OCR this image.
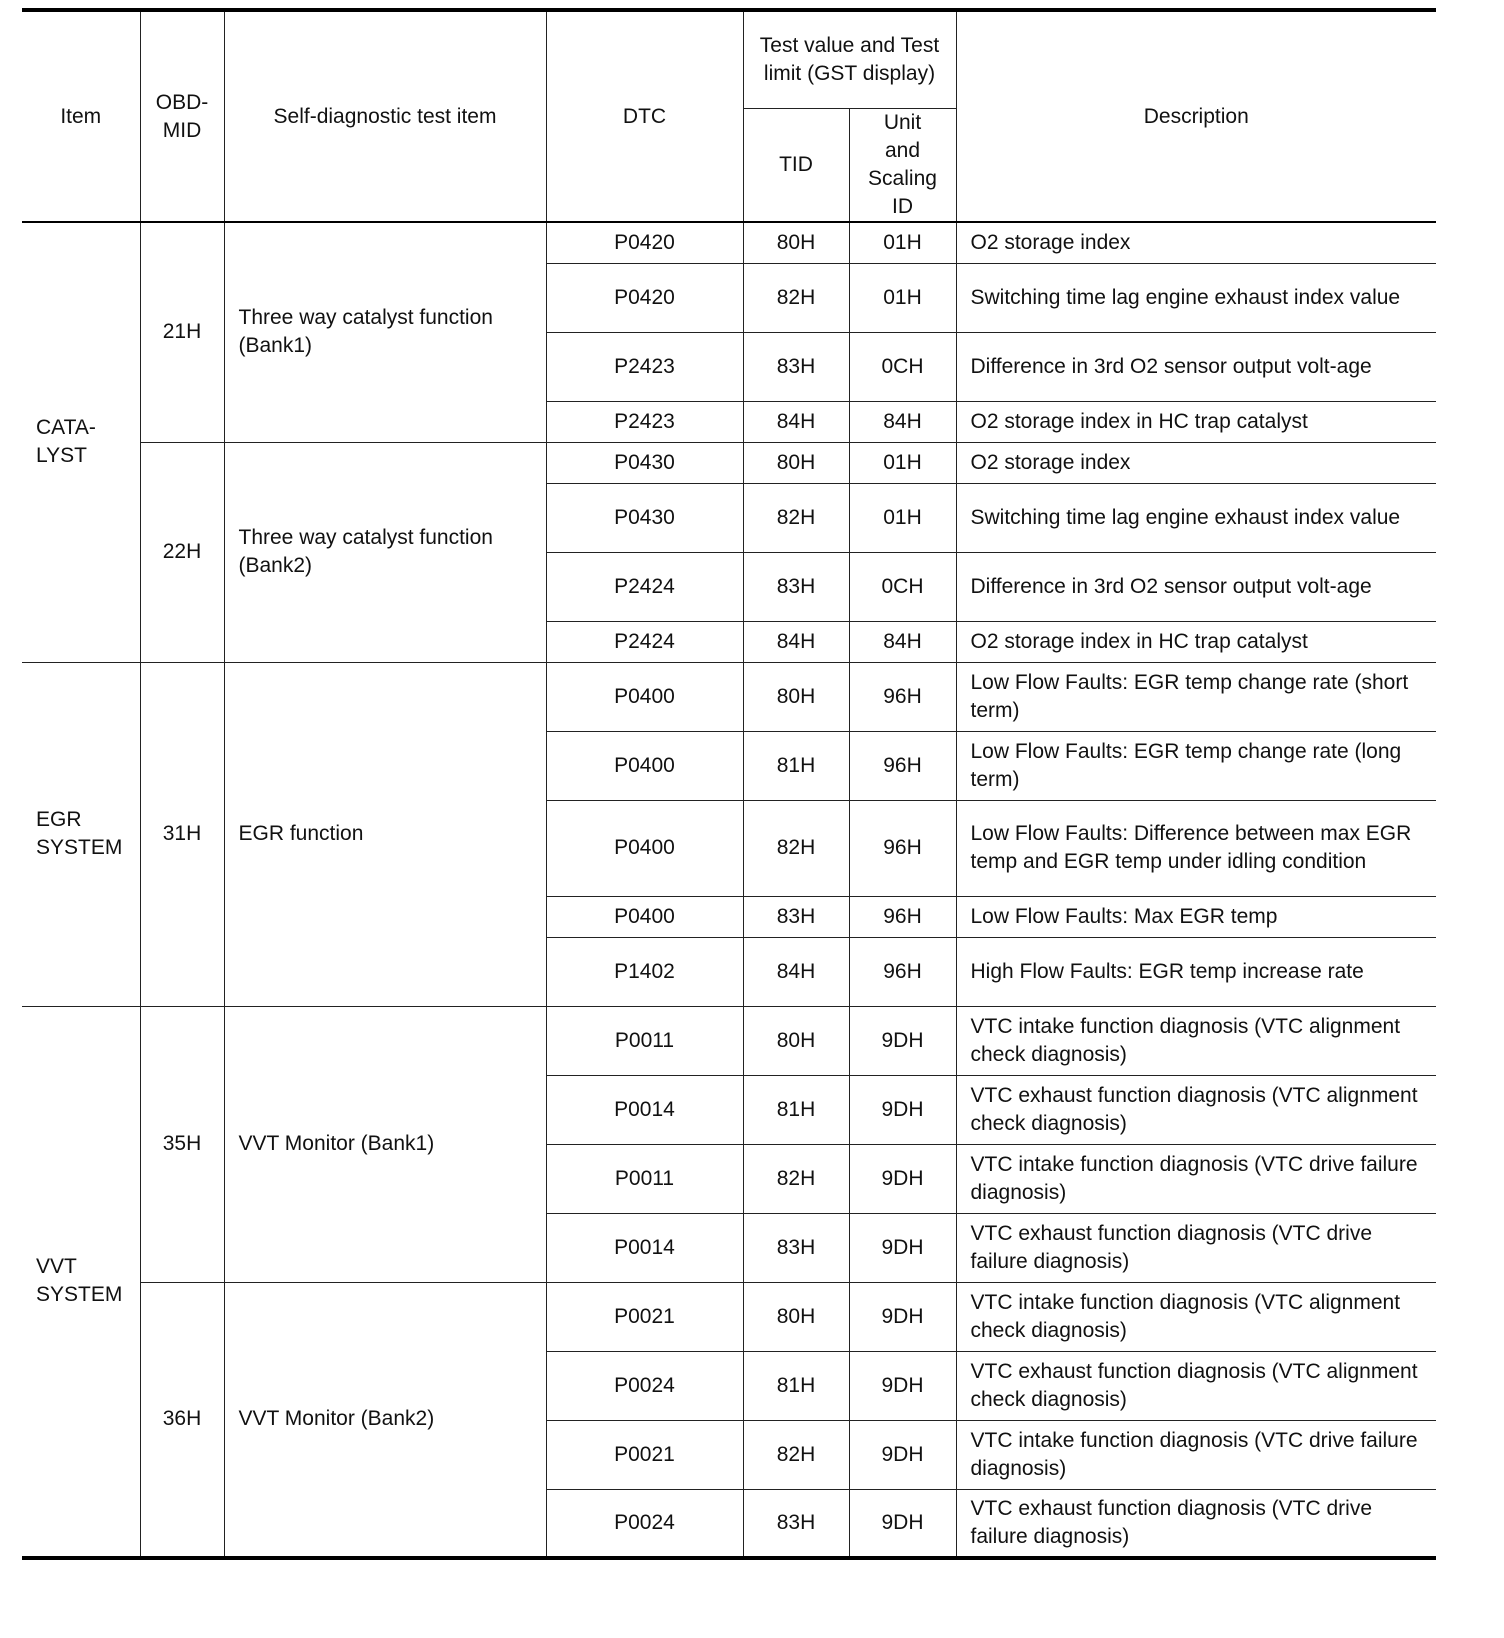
Item	OBD-MID	Self-diagnostic test item	DTC	Test value and Test limit (GST display)		Description
				TID	Unit and Scaling ID	
CATA-LYST	21H	Three way catalyst function (Bank1)	P0420	80H	01H	O2 storage index
			P0420	82H	01H	Switching time lag engine exhaust index value
			P2423	83H	0CH	Difference in 3rd O2 sensor output volt-age
			P2423	84H	84H	O2 storage index in HC trap catalyst
	22H	Three way catalyst function (Bank2)	P0430	80H	01H	O2 storage index
			P0430	82H	01H	Switching time lag engine exhaust index value
			P2424	83H	0CH	Difference in 3rd O2 sensor output volt-age
			P2424	84H	84H	O2 storage index in HC trap catalyst
EGR SYSTEM	31H	EGR function	P0400	80H	96H	Low Flow Faults: EGR temp change rate (short term)
			P0400	81H	96H	Low Flow Faults: EGR temp change rate (long term)
			P0400	82H	96H	Low Flow Faults: Difference between max EGR temp and EGR temp under idling condition
			P0400	83H	96H	Low Flow Faults: Max EGR temp
			P1402	84H	96H	High Flow Faults: EGR temp increase rate
VVT SYSTEM	35H	VVT Monitor (Bank1)	P0011	80H	9DH	VTC intake function diagnosis (VTC alignment check diagnosis)
			P0014	81H	9DH	VTC exhaust function diagnosis (VTC alignment check diagnosis)
			P0011	82H	9DH	VTC intake function diagnosis (VTC drive failure diagnosis)
			P0014	83H	9DH	VTC exhaust function diagnosis (VTC drive failure diagnosis)
	36H	VVT Monitor (Bank2)	P0021	80H	9DH	VTC intake function diagnosis (VTC alignment check diagnosis)
			P0024	81H	9DH	VTC exhaust function diagnosis (VTC alignment check diagnosis)
			P0021	82H	9DH	VTC intake function diagnosis (VTC drive failure diagnosis)
			P0024	83H	9DH	VTC exhaust function diagnosis (VTC drive failure diagnosis)
